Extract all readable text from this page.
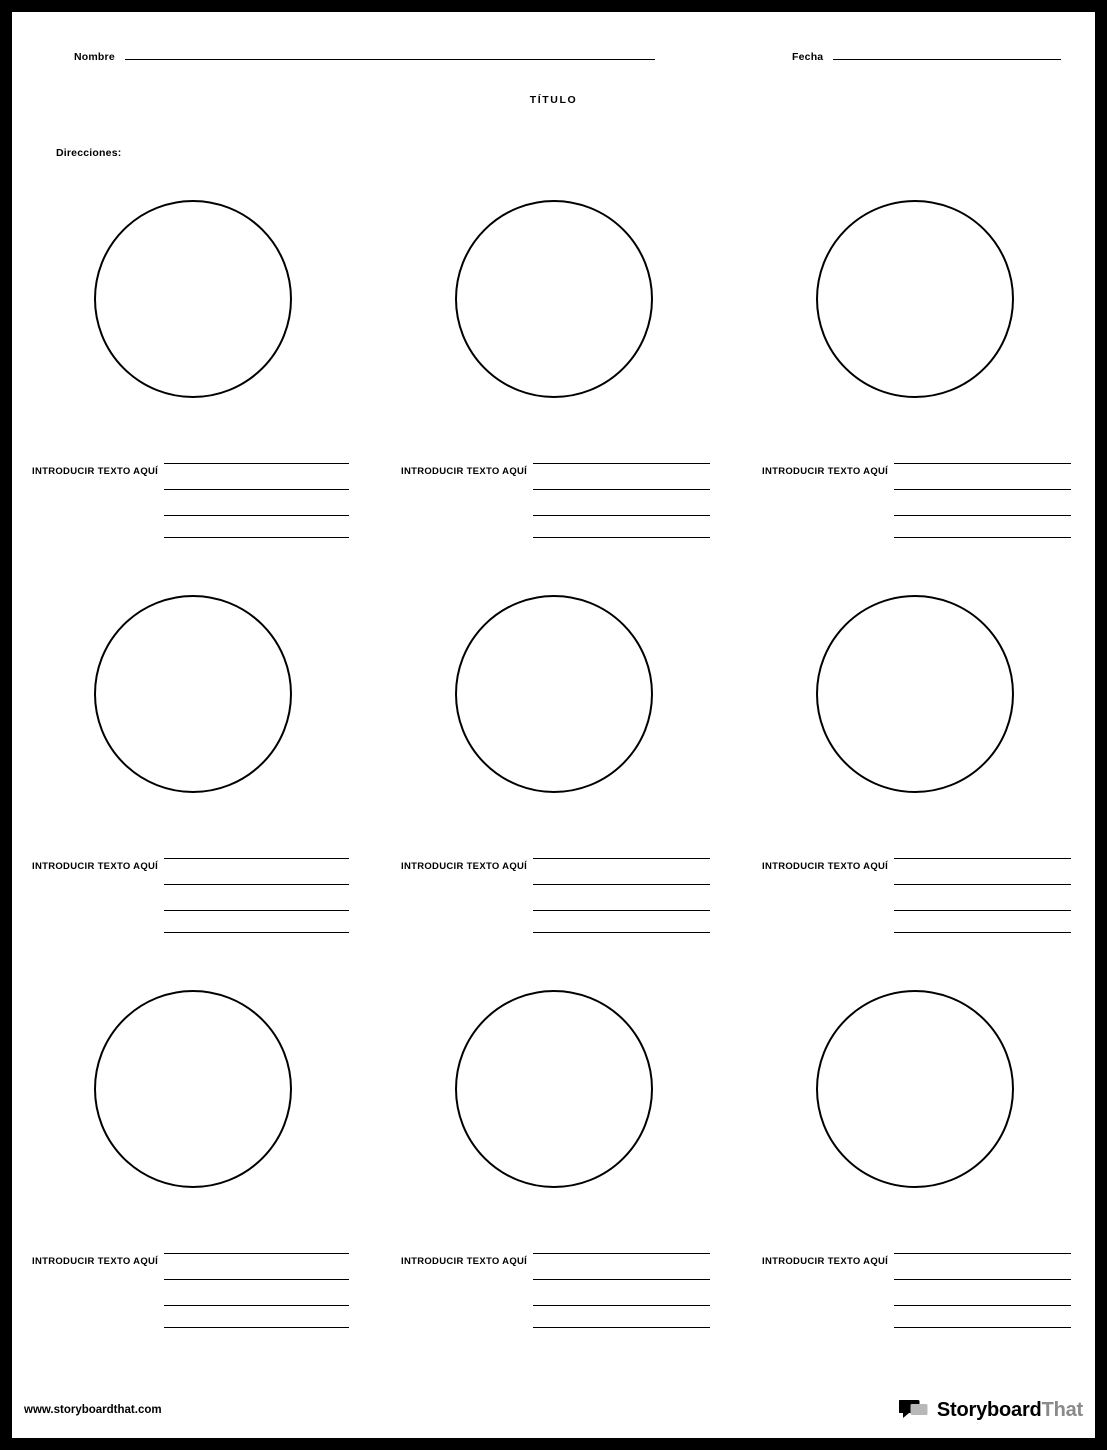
Nombre	Fecha
TÍTULO
Direcciones:
INTRODUCIR TEXTO AQUÍ	INTRODUCIR TEXTO AQUÍ	INTRODUCIR TEXTO AQUÍ
INTRODUCIR TEXTO AQUÍ	INTRODUCIR TEXTO AQUÍ	INTRODUCIR TEXTO AQUÍ
INTRODUCIR TEXTO AQUÍ	INTRODUCIR TEXTO AQUÍ	INTRODUCIR TEXTO AQUÍ
www.storyboardthat.com	StoryboardThat
